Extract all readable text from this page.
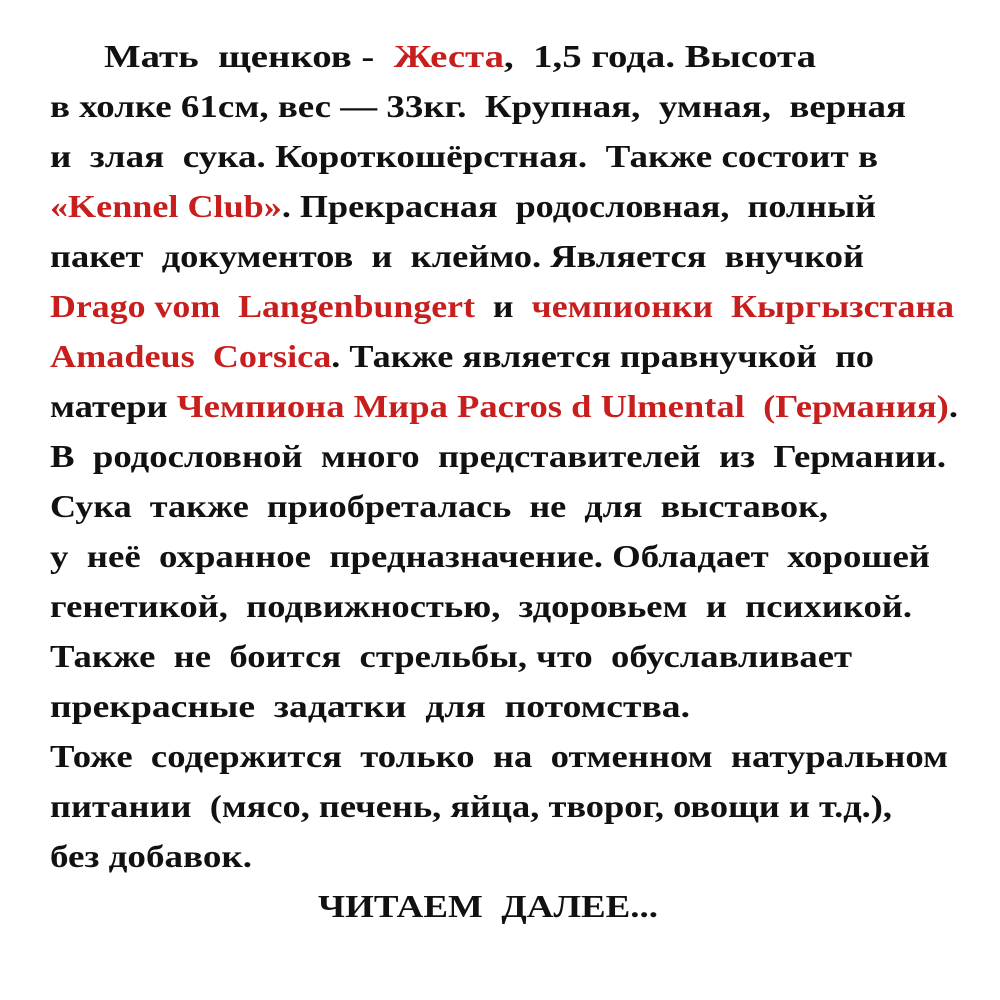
Мать  щенков -  Жеста,  1,5 года. Высота
в холке 61см, вес — 33кг.  Крупная,  умная,  верная
и  злая  сука. Короткошёрстная.  Также состоит в
«Kennel Club». Прекрасная  родословная,  полный
пакет  документов  и  клеймо. Является  внучкой
Drago vom  Langenbungert  и  чемпионки  Кыргызстана
Amadeus  Corsica. Также является правнучкой  по
матери Чемпиона Мира Pacros d Ulmental  (Германия).
В  родословной  много  представителей  из  Германии.
Сука  также  приобреталась  не  для  выставок,
у  неё  охранное  предназначение. Обладает  хорошей
генетикой,  подвижностью,  здоровьем  и  психикой.
Также  не  боится  стрельбы, что  обуславливает
прекрасные  задатки  для  потомства.
Тоже  содержится  только  на  отменном  натуральном
питании  (мясо, печень, яйца, творог, овощи и т.д.),
без добавок.
ЧИТАЕМ  ДАЛЕЕ...
